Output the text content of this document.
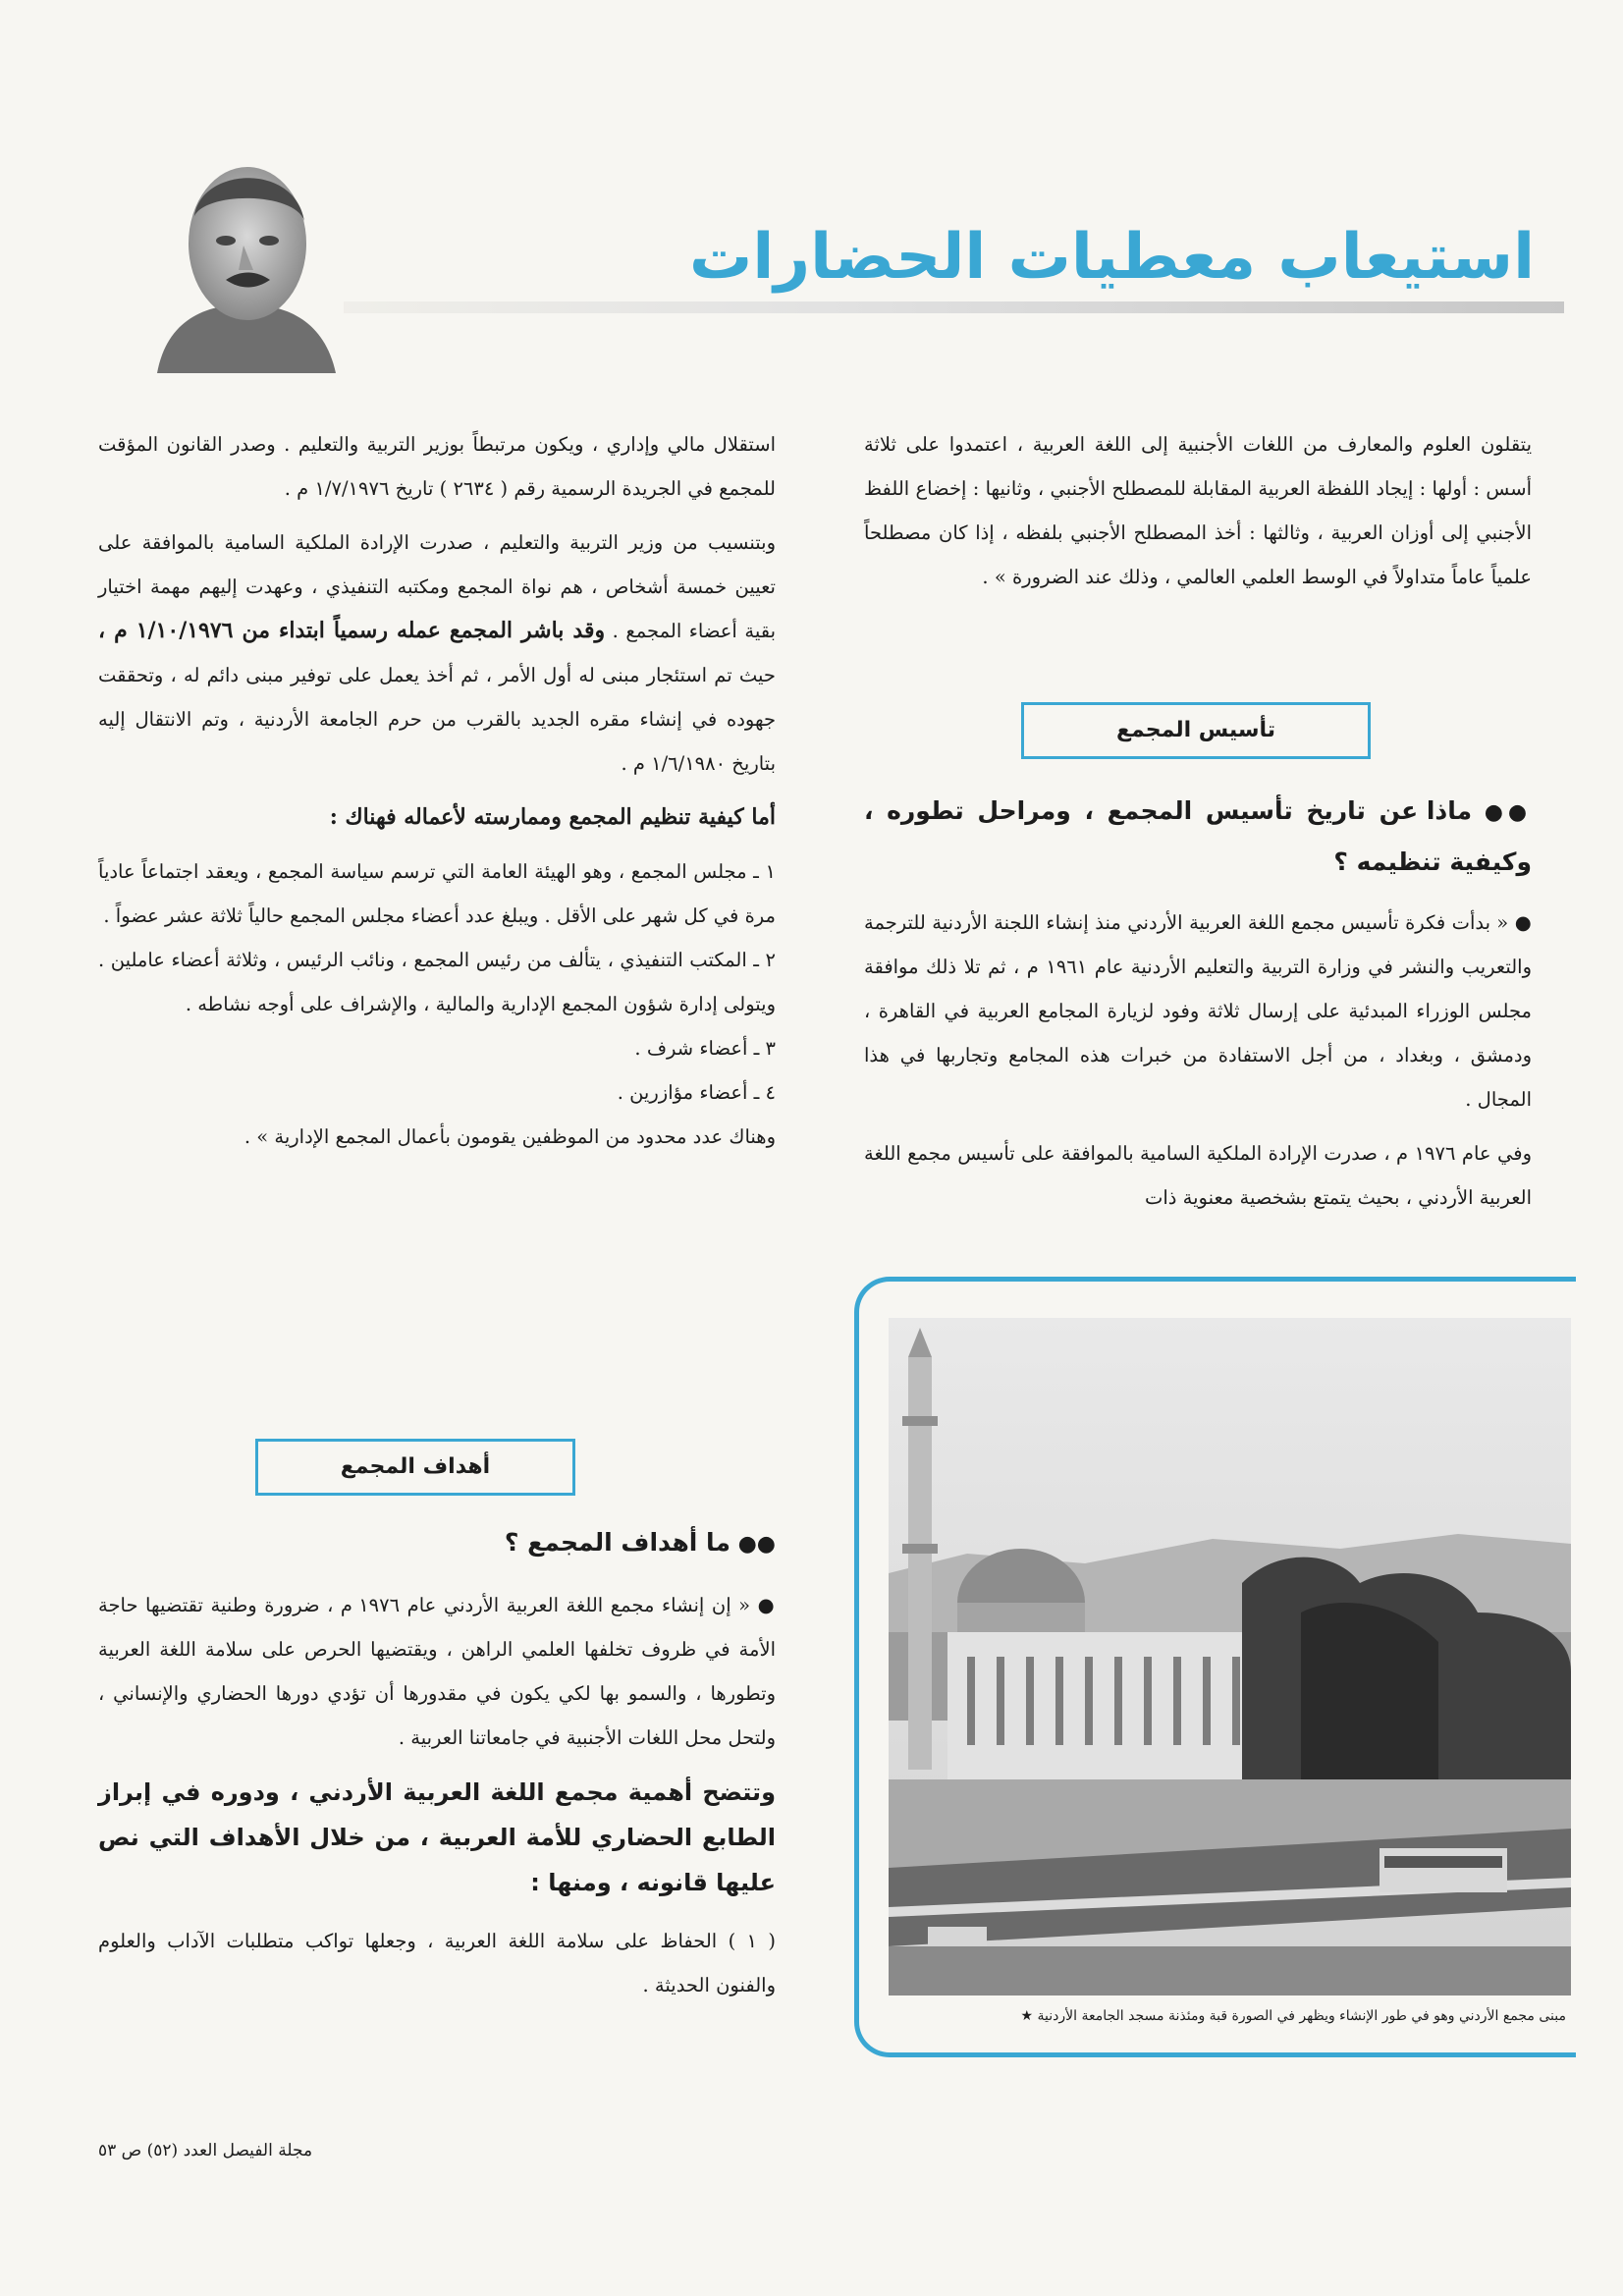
استيعاب معطيات الحضارات

يتقلون العلوم والمعارف من اللغات الأجنبية إلى اللغة العربية ، اعتمدوا على ثلاثة أسس : أولها : إيجاد اللفظة العربية المقابلة للمصطلح الأجنبي ، وثانيها : إخضاع اللفظ الأجنبي إلى أوزان العربية ، وثالثها : أخذ المصطلح الأجنبي بلفظه ، إذا كان مصطلحاً علمياً عاماً متداولاً في الوسط العلمي العالمي ، وذلك عند الضرورة » .

تأسيس المجمع

●● ماذا عن تاريخ تأسيس المجمع ، ومراحل تطوره ، وكيفية تنظيمه ؟

● « بدأت فكرة تأسيس مجمع اللغة العربية الأردني منذ إنشاء اللجنة الأردنية للترجمة والتعريب والنشر في وزارة التربية والتعليم الأردنية عام ١٩٦١ م ، ثم تلا ذلك موافقة مجلس الوزراء المبدئية على إرسال ثلاثة وفود لزيارة المجامع العربية في القاهرة ، ودمشق ، وبغداد ، من أجل الاستفادة من خبرات هذه المجامع وتجاربها في هذا المجال .

وفي عام ١٩٧٦ م ، صدرت الإرادة الملكية السامية بالموافقة على تأسيس مجمع اللغة العربية الأردني ، بحيث يتمتع بشخصية معنوية ذات

استقلال مالي وإداري ، ويكون مرتبطاً بوزير التربية والتعليم . وصدر القانون المؤقت للمجمع في الجريدة الرسمية رقم ( ٢٦٣٤ ) تاريخ ١/٧/١٩٧٦ م .

وبتنسيب من وزير التربية والتعليم ، صدرت الإرادة الملكية السامية بالموافقة على تعيين خمسة أشخاص ، هم نواة المجمع ومكتبه التنفيذي ، وعهدت إليهم مهمة اختيار بقية أعضاء المجمع . وقد باشر المجمع عمله رسمياً ابتداء من ١/١٠/١٩٧٦ م ، حيث تم استئجار مبنى له أول الأمر ، ثم أخذ يعمل على توفير مبنى دائم له ، وتحققت جهوده في إنشاء مقره الجديد بالقرب من حرم الجامعة الأردنية ، وتم الانتقال إليه بتاريخ ١/٦/١٩٨٠ م .

أما كيفية تنظيم المجمع وممارسته لأعماله فهناك :

١ ـ مجلس المجمع ، وهو الهيئة العامة التي ترسم سياسة المجمع ، ويعقد اجتماعاً عادياً مرة في كل شهر على الأقل . ويبلغ عدد أعضاء مجلس المجمع حالياً ثلاثة عشر عضواً .

٢ ـ المكتب التنفيذي ، يتألف من رئيس المجمع ، ونائب الرئيس ، وثلاثة أعضاء عاملين . ويتولى إدارة شؤون المجمع الإدارية والمالية ، والإشراف على أوجه نشاطه .

٣ ـ أعضاء شرف .

٤ ـ أعضاء مؤازرين .

وهناك عدد محدود من الموظفين يقومون بأعمال المجمع الإدارية » .

أهداف المجمع

●● ما أهداف المجمع ؟

● « إن إنشاء مجمع اللغة العربية الأردني عام ١٩٧٦ م ، ضرورة وطنية تقتضيها حاجة الأمة في ظروف تخلفها العلمي الراهن ، ويقتضيها الحرص على سلامة اللغة العربية وتطورها ، والسمو بها لكي يكون في مقدورها أن تؤدي دورها الحضاري والإنساني ، ولتحل محل اللغات الأجنبية في جامعاتنا العربية .

وتتضح أهمية مجمع اللغة العربية الأردني ، ودوره في إبراز الطابع الحضاري للأمة العربية ، من خلال الأهداف التي نص عليها قانونه ، ومنها :

( ١ ) الحفاظ على سلامة اللغة العربية ، وجعلها تواكب متطلبات الآداب والعلوم والفنون الحديثة .

مبنى مجمع الأردني وهو في طور الإنشاء ويظهر في الصورة قبة ومئذنة مسجد الجامعة الأردنية ★
مجلة الفيصل العدد (٥٢) ص ٥٣
